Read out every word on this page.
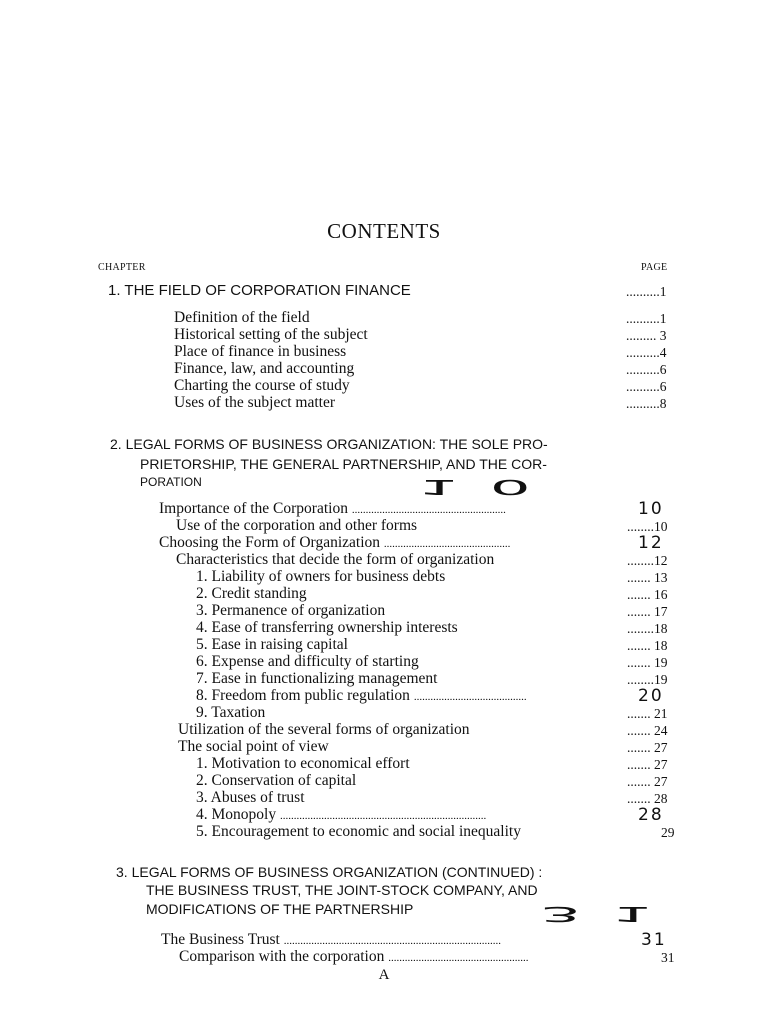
CONTENTS
CHAPTER	PAGE
1. THE FIELD OF CORPORATION FINANCE	..........1
Definition of the field	..........1
Historical setting of the subject	......... 3
Place of finance in business	..........4
Finance, law, and accounting	..........6
Charting the course of study	..........6
Uses of the subject matter	..........8
2. LEGAL FORMS OF BUSINESS ORGANIZATION: THE SOLE PRO-
PRIETORSHIP, THE GENERAL PARTNERSHIP, AND THE COR-
PORATION	10
Importance of the Corporation ........................................................	10
Use of the corporation and other forms	........10
Choosing the Form of Organization ..............................................	12
Characteristics that decide the form of organization	........12
1. Liability of owners for business debts	....... 13
2. Credit standing	....... 16
3. Permanence of organization	....... 17
4. Ease of transferring ownership interests	........18
5. Ease in raising capital	....... 18
6. Expense and difficulty of starting	....... 19
7. Ease in functionalizing management	........19
8. Freedom from public regulation .........................................	20
9. Taxation	....... 21
Utilization of the several forms of organization	....... 24
The social point of view	....... 27
1. Motivation to economical effort	....... 27
2. Conservation of capital	....... 27
3. Abuses of trust	....... 28
4. Monopoly ...........................................................................	28
5. Encouragement to economic and social inequality	29
3. LEGAL FORMS OF BUSINESS ORGANIZATION (CONTINUED) :
THE BUSINESS TRUST, THE JOINT-STOCK COMPANY, AND
MODIFICATIONS OF THE PARTNERSHIP	31
The Business Trust ...............................................................................	31
Comparison with the corporation ...................................................	31
A
